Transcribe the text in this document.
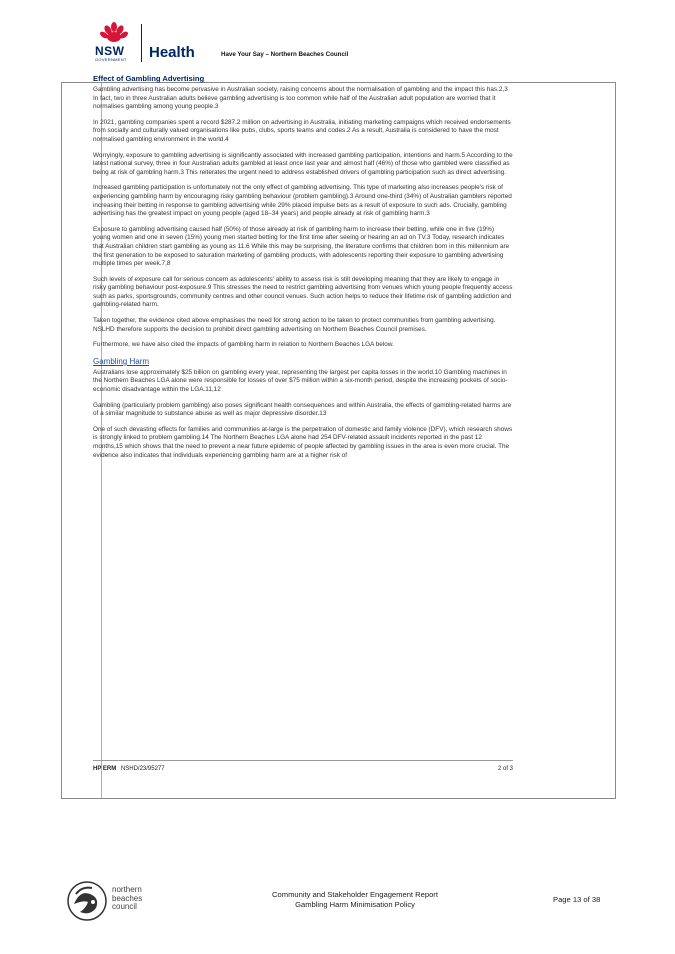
NSW
GOVERNMENT Health	Have Your Say – Northern Beaches Council
Effect of Gambling Advertising

Gambling advertising has become pervasive in Australian society, raising concerns about the normalisation of gambling and the impact this has.2,3 In fact, two in three Australian adults believe gambling advertising is too common while half of the Australian adult population are worried that it normalises gambling among young people.3

In 2021, gambling companies spent a record $287.2 million on advertising in Australia, initiating marketing campaigns which received endorsements from socially and culturally valued organisations like pubs, clubs, sports teams and codes.2 As a result, Australia is considered to have the most normalised gambling environment in the world.4

Worryingly, exposure to gambling advertising is significantly associated with increased gambling participation, intentions and harm.5 According to the latest national survey, three in four Australian adults gambled at least once last year and almost half (46%) of those who gambled were classified as being at risk of gambling harm.3 This reiterates the urgent need to address established drivers of gambling participation such as direct advertising.

Increased gambling participation is unfortunately not the only effect of gambling advertising. This type of marketing also increases people's risk of experiencing gambling harm by encouraging risky gambling behaviour (problem gambling).3 Around one-third (34%) of Australian gamblers reported increasing their betting in response to gambling advertising while 29% placed impulse bets as a result of exposure to such ads. Crucially, gambling advertising has the greatest impact on young people (aged 18–34 years) and people already at risk of gambling harm.3

Exposure to gambling advertising caused half (50%) of those already at risk of gambling harm to increase their betting, while one in five (19%) young women and one in seven (15%) young men started betting for the first time after seeing or hearing an ad on TV.3 Today, research indicates that Australian children start gambling as young as 11.6 While this may be surprising, the literature confirms that children born in this millennium are the first generation to be exposed to saturation marketing of gambling products, with adolescents reporting their exposure to gambling advertising multiple times per week.7,8

Such levels of exposure call for serious concern as adolescents' ability to assess risk is still developing meaning that they are likely to engage in risky gambling behaviour post-exposure.9 This stresses the need to restrict gambling advertising from venues which young people frequently access such as parks, sportsgrounds, community centres and other council venues. Such action helps to reduce their lifetime risk of gambling addiction and gambling-related harm.

Taken together, the evidence cited above emphasises the need for strong action to be taken to protect communities from gambling advertising. NSLHD therefore supports the decision to prohibit direct gambling advertising on Northern Beaches Council premises.

Furthermore, we have also cited the impacts of gambling harm in relation to Northern Beaches LGA below.

Gambling Harm

Australians lose approximately $25 billion on gambling every year, representing the largest per capita losses in the world.10 Gambling machines in the Northern Beaches LGA alone were responsible for losses of over $75 million within a six-month period, despite the increasing pockets of socio-economic disadvantage within the LGA.11,12

Gambling (particularly problem gambling) also poses significant health consequences and within Australia, the effects of gambling-related harms are of a similar magnitude to substance abuse as well as major depressive disorder.13

One of such devasting effects for families and communities at-large is the perpetration of domestic and family violence (DFV), which research shows is strongly linked to problem gambling.14 The Northern Beaches LGA alone had 254 DFV-related assault incidents reported in the past 12 months,15 which shows that the need to prevent a near future epidemic of people affected by gambling issues in the area is even more crucial. The evidence also indicates that individuals experiencing gambling harm are at a higher risk of

HP ERM NSHD/23/95277	2 of 3
northern
beaches
council
Community and Stakeholder Engagement Report
Gambling Harm Minimisation Policy
Page 13 of 38
